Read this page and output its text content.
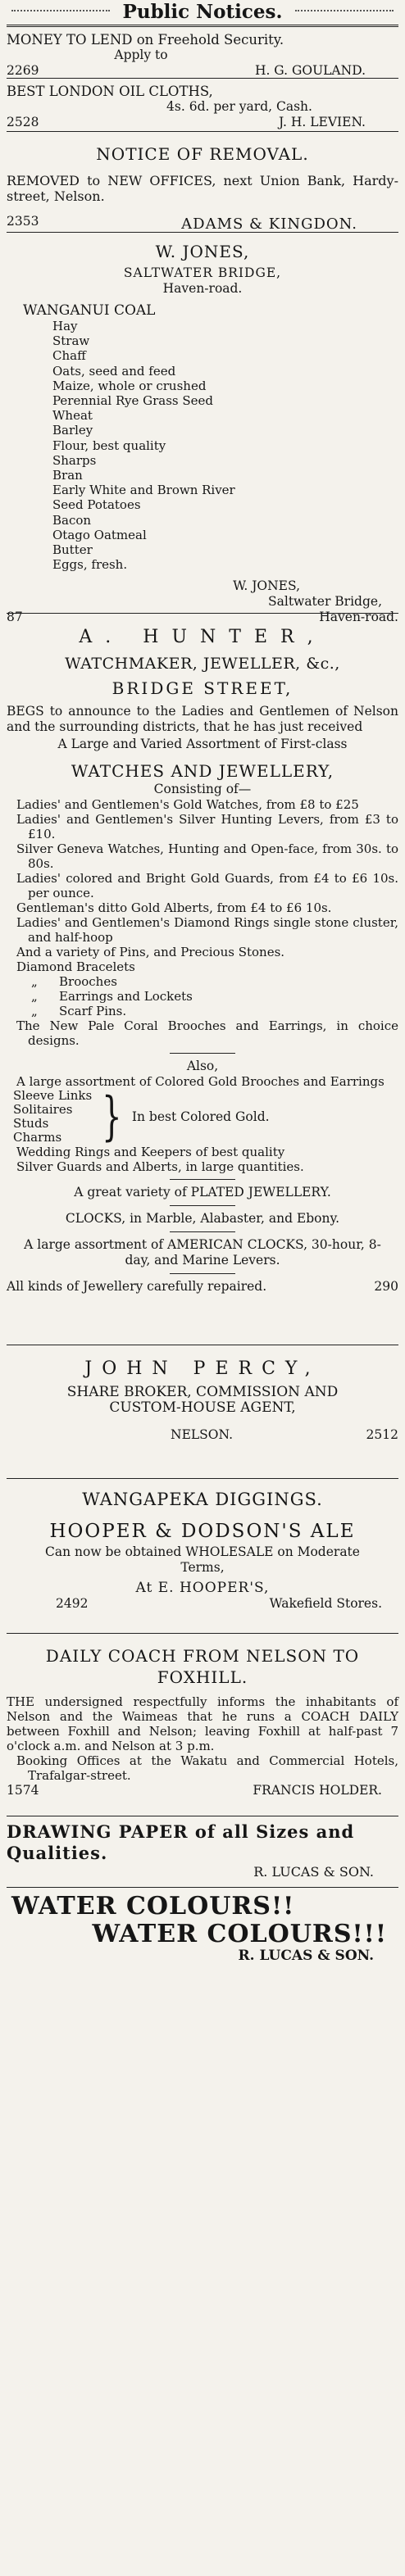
Public Notices.
MONEY TO LEND on Freehold Security.
Apply to
2269	H. G. GOULAND.
BEST LONDON OIL CLOTHS,
4s. 6d. per yard, Cash.
2528	J. H. LEVIEN.
NOTICE OF REMOVAL.
REMOVED to NEW OFFICES, next Union Bank, Hardy-street, Nelson.
2353	ADAMS & KINGDON.
W. JONES,
SALTWATER BRIDGE,
Haven-road.
WANGANUI COAL
Hay
Straw
Chaff
Oats, seed and feed
Maize, whole or crushed
Perennial Rye Grass Seed
Wheat
Barley
Flour, best quality
Sharps
Bran
Early White and Brown River
Seed Potatoes
Bacon
Otago Oatmeal
Butter
Eggs, fresh.
W. JONES,
Saltwater Bridge,
87	Haven-road.
A. HUNTER,
WATCHMAKER, JEWELLER, &c.,
BRIDGE STREET,
BEGS to announce to the Ladies and Gentlemen of Nelson and the surrounding districts, that he has just received
A Large and Varied Assortment of First-class
WATCHES AND JEWELLERY,
Consisting of—
Ladies' and Gentlemen's Gold Watches, from £8 to £25
Ladies' and Gentlemen's Silver Hunting Levers, from £3 to £10.
Silver Geneva Watches, Hunting and Open-face, from 30s. to 80s.
Ladies' colored and Bright Gold Guards, from £4 to £6 10s. per ounce.
Gentleman's ditto Gold Alberts, from £4 to £6 10s.
Ladies' and Gentlemen's Diamond Rings single stone cluster, and half-hoop
And a variety of Pins, and Precious Stones.
Diamond Bracelets
„ Brooches
„ Earrings and Lockets
„ Scarf Pins.
The New Pale Coral Brooches and Earrings, in choice designs.
Also,
A large assortment of Colored Gold Brooches and Earrings
Sleeve Links
Solitaires
Studs
Charms } In best Colored Gold.
Wedding Rings and Keepers of best quality
Silver Guards and Alberts, in large quantities.
A great variety of PLATED JEWELLERY.
CLOCKS, in Marble, Alabaster, and Ebony.
A large assortment of AMERICAN CLOCKS, 30-hour, 8-day, and Marine Levers.
All kinds of Jewellery carefully repaired.	290
JOHN PERCY,
SHARE BROKER, COMMISSION AND
CUSTOM-HOUSE AGENT,
NELSON.	2512
WANGAPEKA DIGGINGS.
HOOPER & DODSON'S ALE
Can now be obtained WHOLESALE on Moderate Terms,
At E. HOOPER'S,
2492	Wakefield Stores.
DAILY COACH FROM NELSON TO FOXHILL.
THE undersigned respectfully informs the inhabitants of Nelson and the Waimeas that he runs a COACH DAILY between Foxhill and Nelson; leaving Foxhill at half-past 7 o'clock a.m. and Nelson at 3 p.m.
Booking Offices at the Wakatu and Commercial Hotels, Trafalgar-street.
1574	FRANCIS HOLDER.
DRAWING PAPER of all Sizes and Qualities.
R. LUCAS & SON.
WATER COLOURS!!
WATER COLOURS!!!
R. LUCAS & SON.
